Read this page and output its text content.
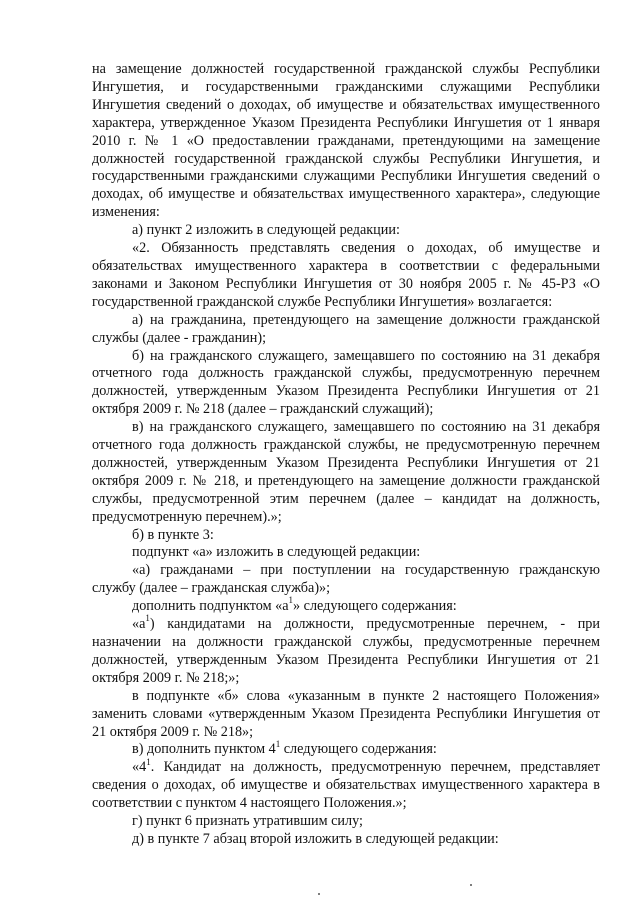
на замещение должностей государственной гражданской службы Республики Ингушетия, и государственными гражданскими служащими Республики Ингушетия сведений о доходах, об имуществе и обязательствах имущественного характера, утвержденное Указом Президента Республики Ингушетия от 1 января 2010 г. № 1 «О предоставлении гражданами, претендующими на замещение должностей государственной гражданской службы Республики Ингушетия, и государственными гражданскими служащими Республики Ингушетия сведений о доходах, об имуществе и обязательствах имущественного характера», следующие изменения:

а) пункт 2 изложить в следующей редакции:

«2. Обязанность представлять сведения о доходах, об имуществе и обязательствах имущественного характера в соответствии с федеральными законами и Законом Республики Ингушетия от 30 ноября 2005 г. № 45-РЗ «О государственной гражданской службе Республики Ингушетия» возлагается:

а) на гражданина, претендующего на замещение должности гражданской службы (далее - гражданин);

б) на гражданского служащего, замещавшего по состоянию на 31 декабря отчетного года должность гражданской службы, предусмотренную перечнем должностей, утвержденным Указом Президента Республики Ингушетия от 21 октября 2009 г. № 218 (далее – гражданский служащий);

в) на гражданского служащего, замещавшего по состоянию на 31 декабря отчетного года должность гражданской службы, не предусмотренную перечнем должностей, утвержденным Указом Президента Республики Ингушетия от 21 октября 2009 г. № 218, и претендующего на замещение должности гражданской службы, предусмотренной этим перечнем (далее – кандидат на должность, предусмотренную перечнем).»;

б) в пункте 3:

подпункт «а» изложить в следующей редакции:

«а) гражданами – при поступлении на государственную гражданскую службу (далее – гражданская служба)»;

дополнить подпунктом «$а^1$» следующего содержания:

«$а^1$) кандидатами на должности, предусмотренные перечнем, - при назначении на должности гражданской службы, предусмотренные перечнем должностей, утвержденным Указом Президента Республики Ингушетия от 21 октября 2009 г. № 218;»;

в подпункте «б» слова «указанным в пункте 2 настоящего Положения» заменить словами «утвержденным Указом Президента Республики Ингушетия от 21 октября 2009 г. № 218»;

в) дополнить пунктом $4^1$ следующего содержания:

«$4^1$. Кандидат на должность, предусмотренную перечнем, представляет сведения о доходах, об имуществе и обязательствах имущественного характера в соответствии с пунктом 4 настоящего Положения.»;

г) пункт 6 признать утратившим силу;

д) в пункте 7 абзац второй изложить в следующей редакции:
